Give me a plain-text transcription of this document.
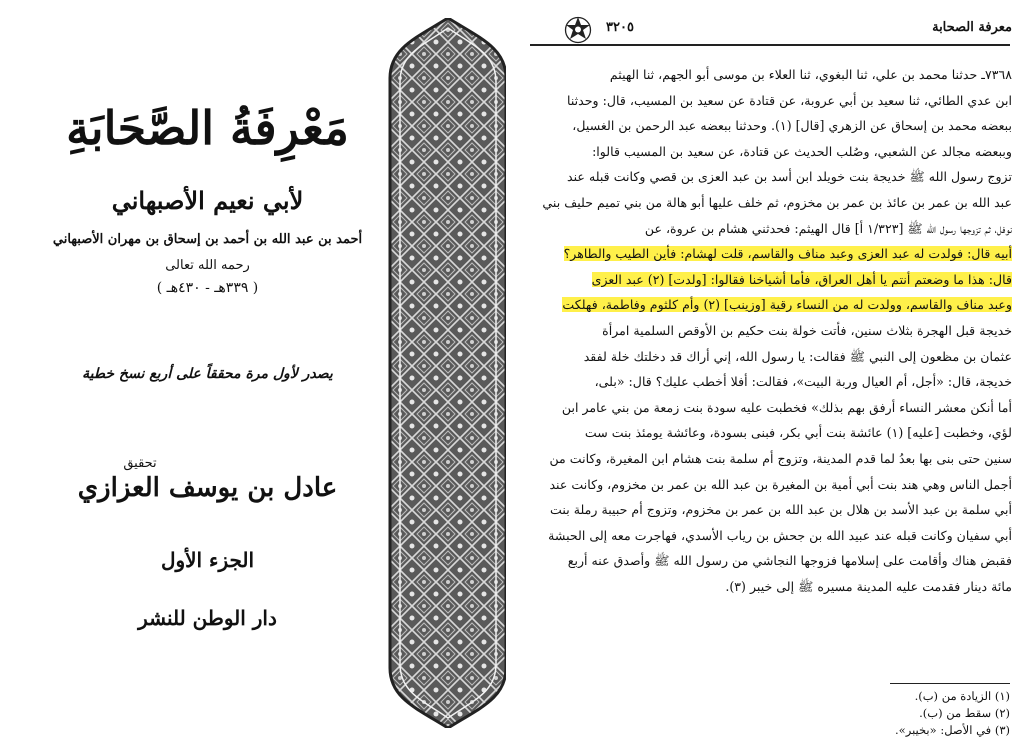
مَعْرِفَةُ الصَّحَابَةِ
لأبي نعيم الأصبهاني
أحمد بن عبد الله بن أحمد بن إسحاق بن مهران الأصبهاني
رحمه الله تعالى
( ٣٣٩هـ - ٤٣٠هـ )
يصدر لأول مرة محققاً على أربع نسخ خطية
تحقيق
عادل بن يوسف العزازي
الجزء الأول
دار الوطن للنشر
معرفة الصحابة
٣٢٠٥
٧٣٦٨ـ حدثنا محمد بن علي، ثنا البغوي، ثنا العلاء بن موسى أبو الجهم، ثنا الهيثم
ابن عدي الطائي، ثنا سعيد بن أبي عروبة، عن قتادة عن سعيد بن المسيب، قال: وحدثنا
ببعضه محمد بن إسحاق عن الزهري [قال] (١). وحدثنا ببعضه عبد الرحمن بن الغسيل،
وببعضه مجالد عن الشعبي، وصُلب الحديث عن قتادة، عن سعيد بن المسيب قالوا:
تزوج رسول الله ﷺ خديجة بنت خويلد ابن أسد بن عبد العزى بن قصي وكانت قبله عند
عبد الله بن عمر بن عائذ بن عمر بن مخزوم، ثم خلف عليها أبو هالة من بني تميم حليف بني
نوفل، ثم تزوجها رسول الله ﷺ [١/٣٢٣ أ] قال الهيثم: فحدثني هشام بن عروة، عن
أبيه قال: فولدت له عبد العزى وعبد مناف والقاسم، قلت لهشام: فأين الطيب والطاهر؟
قال: هذا ما وضعتم أنتم يا أهل العراق، فأما أشياخنا فقالوا: [ولدت] (٢) عبد العزى
وعبد مناف والقاسم، وولدت له من النساء رقية [وزينب] (٢) وأم كلثوم وفاطمة، فهلكت
خديجة قبل الهجرة بثلاث سنين، فأتت خولة بنت حكيم بن الأوقص السلمية امرأة
عثمان بن مظعون إلى النبي ﷺ فقالت: يا رسول الله، إني أراك قد دخلتك خلة لفقد
خديجة، قال: «أجل، أم العيال وربة البيت»، فقالت: أفلا أخطب عليك؟ قال: «بلى،
أما أنكن معشر النساء أرفق بهم بذلك» فخطبت عليه سودة بنت زمعة من بني عامر ابن
لؤي، وخطبت [عليه] (١) عائشة بنت أبي بكر، فبنى بسودة، وعائشة يومئذ بنت ست
سنين حتى بنى بها بعدُ لما قدم المدينة، وتزوج أم سلمة بنت هشام ابن المغيرة، وكانت من
أجمل الناس وهي هند بنت أبي أمية بن المغيرة بن عبد الله بن عمر بن مخزوم، وكانت عند
أبي سلمة بن عبد الأسد بن هلال بن عبد الله بن عمر بن مخزوم، وتزوج أم حبيبة رملة بنت
أبي سفيان وكانت قبله عند عبيد الله بن جحش بن رياب الأسدي، فهاجرت معه إلى الحبشة
فقبض هناك وأقامت على إسلامها فزوجها النجاشي من رسول الله ﷺ وأصدق عنه أربع
مائة دينار فقدمت عليه المدينة مسيره ﷺ إلى خيبر (٣).
(١) الزيادة من (ب).
(٢) سقط من (ب).
(٣) في الأصل: «بخيبر».
